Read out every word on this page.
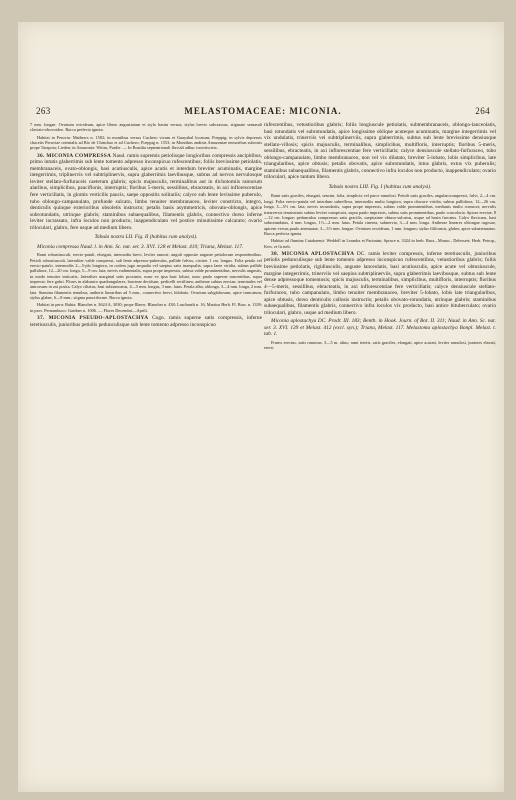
263	MELASTOMACEAE: MICONIA.	264

7 mm. longae. Ovarium oviodeum, apice libero angustiatum et stylo basim versus; stylus brevis subcrassus, stigmate semasali claviato-obovoideo. Bacca perfecta ignota.

Habitat in Peruvia: Mathews n. 1582; in montibus versus Cuchero vicum et Guayabal locatum; Poeppig; in sylvis depressis chacetis Peruviae orientalis ad Rio de Chinchao et ad Cuchero; Poeppig n. 1553; in Montibus andinis Amazoniae nemoribus subcruis prope Tarapota; Lieden; in Amazonia: Wittm, Purdie. — In Brasilia septentrionali fluviali adhuc incertiscrita.

36. MICONIA COMPRESSA Naud. ramis supremis petiolisque longioribus compressis ancipitibus, primo intutis glaberrimis sub lente tomento adpresso inconspicuo rufescentibus; foliis breviusime petiolatis, membranaceis, ovato-oblongis, basi acutiusculis, apice acutis et interdum breviter acuminatis, margine integerrimis, triplinervis vel subtriplinervis, supra glaberrimis laevibusque, subtus ad nervos nervulosque leviter stellato-furfuraceis caeterum glabris; spicis majusculis, terminalibus aut in dichotomiis ramorum alaribus, simplicibus, pauciflonis, interruptis; floribus 5-meris, sessilibus, ebracteatis, in axi inflorescentiae fere verticillatis, in glomis verticilis paucis, saepe oppositis solitariis; calyce sub lente levissime puberulo, tubo oblongo-campanulato, profunde sulcato, limbo tenuiter membranaceo, leviter constricto, integro, denticulis quinque exterioribus obsoletis instructo; petalis basis asymmetricis, obovato-oblongis, apice subrotundatis, utrinque glabris; staminibus subaequalibus, filamentis glabris, connectivo dorso inferne leviter incrassato, infra loculos non producto, inappendiculato vel postice minutissime calcarato; ovario triloculari, glabro, fere usque ad medium libero.

Tabula nostra LII. Fig. II (habitus cum analysi).

Miconia compressa Naud. l. in Ann. Sc. nat. ser. 3. XVI. 128 et Melast. 410; Triana, Melast. 117.

Rami robustiusculi, erecto-patuli, elongati, internodia brevi, leviter ramosi; anguli opposite anguste petiolorum respondentibus. Petioli robustiusculi, lateraliter valde compressi, sub lente adpresso-puberulus, pallide fulvus, circiter 1 cm. longus. Folia petalo vel erecto-patulo, internodiis 2—5-plo longiora, in codem jugo aequalia vel saepius satis inaequalia, supra laete viridia, subtus pallide pallidiora, 12—20 cm. longa, 5—9 cm. lata; nervis rudimentalis, supra prope impressis, subtus valde prominentibus, nervulis angustis, in modo tenuiter intricatis; lateraliter marginal satis proximis, nunc ex ipsa basi foliari, nunc paulo superne nascentibus, supra impressi; fere gabri. Flores in alabastro quadrangulares, bracteae deciduae, pedicelli rectilineo; antherae subtus erectae, terminales vel antrorsum in axi posita. Calyx ciliatus, basi subtruncatus, 4—5 mm. longus, 3 mm. latus. Petala alba, oblonga, 3—4 mm. longa, 2 mm. lata. Stamina filamentis tenuibus, antheris linearibus ad 5 mm., connectivo brevi, bilobato. Ovarium subglobosum, apice truncatum; stylus glaber, 6—8 mm.; stigma punctiforme. Bacca ignota.

Habitat in peru: Bahia: Blanchet n. 3624 A, 3030; prope Ilheos: Blanchet n. 438; Luschnath n. 16, Martius Herb. Fl. Bras. n. 1339; in prov. Pernambuco: Gardner n. 1006. — Flores Decembri—Aprili.

37. MICONIA PSEUDO-APLOSTACHYA Cogn. ramis superne satis compressis, inferne teretiusculis, junioribus petiolis pedunculisque sub lente tomento adpresso inconspicuo

rufescentibus, vetustioribus glabris; foliis longiuscule petiolatis, submembranaceis, oblongo-lanceolatis, basi rotundatis vel subrotundatis, apice longissime oblique acuteque acuminatis, margine integerrimis vel vix undulatis, trinerviis vel subtriplinerviis, supra glaberrimis, subtus sub lente brevissime densiusque stellato-villosis; spicis majusculis, terminalibus, simplicibus, multifloris, interruptis; floribus 5-meris, sessilibus, ebracteatis, in axi inflorescentiae fere verticillatis; calyce densiuscule stellato-furfuraceo, tubo oblongo-campanulato, limbo membranaceo, non vel vix dilatato, breviter 5-lobato, lobis simplicibus, late triangularibus, apice obtusis; petalis obovatis, apice subrotundatis, intus glabris, extus vix puberulis; staminibus subaequalibus, filamentis glabris, connectivo infra loculos non producto, inappendiculato; ovario triloculari, apice tantum libero.

Tabula nostra LIII. Fig. I (habitus cum analysi).

Rami satis graciles, elongati, sensim, folia, simplicia vel parce ramulosi. Petioli satis graciles, angulatocompressi, fulvi, 2—4 cm. longi. Folia erecto-patula vel interdum subreflexa, internodiis multo longiora, supra obscure viridia, subtus pallidiora, 12—26 cm. longa, 3—5½ cm. lata; nervis secundariis, supra prope impressis, subtus valde prominentibus, medianis multo crassiori; nervulis transversis tenuissimis subtus leviter conspicuis, supra paulo impressis, subtus satis prominentibus, paulo concoloria. Spicae erectae, 8—12 cm. longae; pedunculus compressus satis gracilis, saepissime obtuso-sulcatus, usque ad basin furcatus. Calyx flavicans, basi subrotundatus, 4 mm. longus, 1½—2 mm. latus. Petala cinerea, subnervia, 3—4 mm. longa. Antherae lineares oblongae rugosae, apicem versus paulo attenuatae, 3—3½ mm. longae. Ovarium ovoideum, 1 mm. longum; stylus filiformis, glaber, apice subattenuatus. Bacca perfecta ignota.

Habitat ad flumina Cuiabaensi: Weddell in Leandra et Pacimini; Spruce n. 3324 in herb. Brux., Monac., Delessert; Herb. Petrop., Kew. et Griseb.

38. MICONIA APLOSTACHYA DC. ramis leviter compressis, inferne teretiusculis, junioribus petiolis pedunculisque sub lente tomento adpresso inconspicuo rufescentibus, vetustioribus glabris; foliis breviusime petiolatis, rigidiusculis, anguste lanceolatis, basi acutiusculis, apice acute vel obtusiuscule, margine integerrimis, trinerviis vel saepius subtriplinerviis, supra glaberrimis laevibusque, subtus sub lente dense adpressoque tomentosis; spicis majusculis, terminalibus, simplicibus, multifloris, interruptis; floribus 4—5-meris, sessilibus, ebracteatis, in axi inflorescentiae fere verticillatis; calyce densiuscule stellato-furfuraceo, tubo campanulato, limbo tenuiter membranaceo, breviter 5-lobato, lobis late triangularibus, apice obtusis, dorso denticulis callosis instructis; petalis obovato-rotundatis, utrinque glabris; staminibus subaequalibus, filamentis glabris, connectivo infra loculos vix producto, basi antice bituberculato; ovario triloculari, glabro, usque ad medium libero.

Miconia aplostachya DC. Prodr. III. 183; Benth. in Hook. Journ. of Bot. II. 311; Naud. in Ann. Sc. nat. ser. 3. XVI. 139 et Melast. 412 (excl. syn.); Triana, Melast. 117. Melastoma aplostachya Bonpl. Melast. t. tab. 1.

Frutex erectus, satis ramosus, 3—5 m. altus; rami teretis, satis graciles, elongati, apice acutati, leviter ramulosi, juniores elavati, erecti
